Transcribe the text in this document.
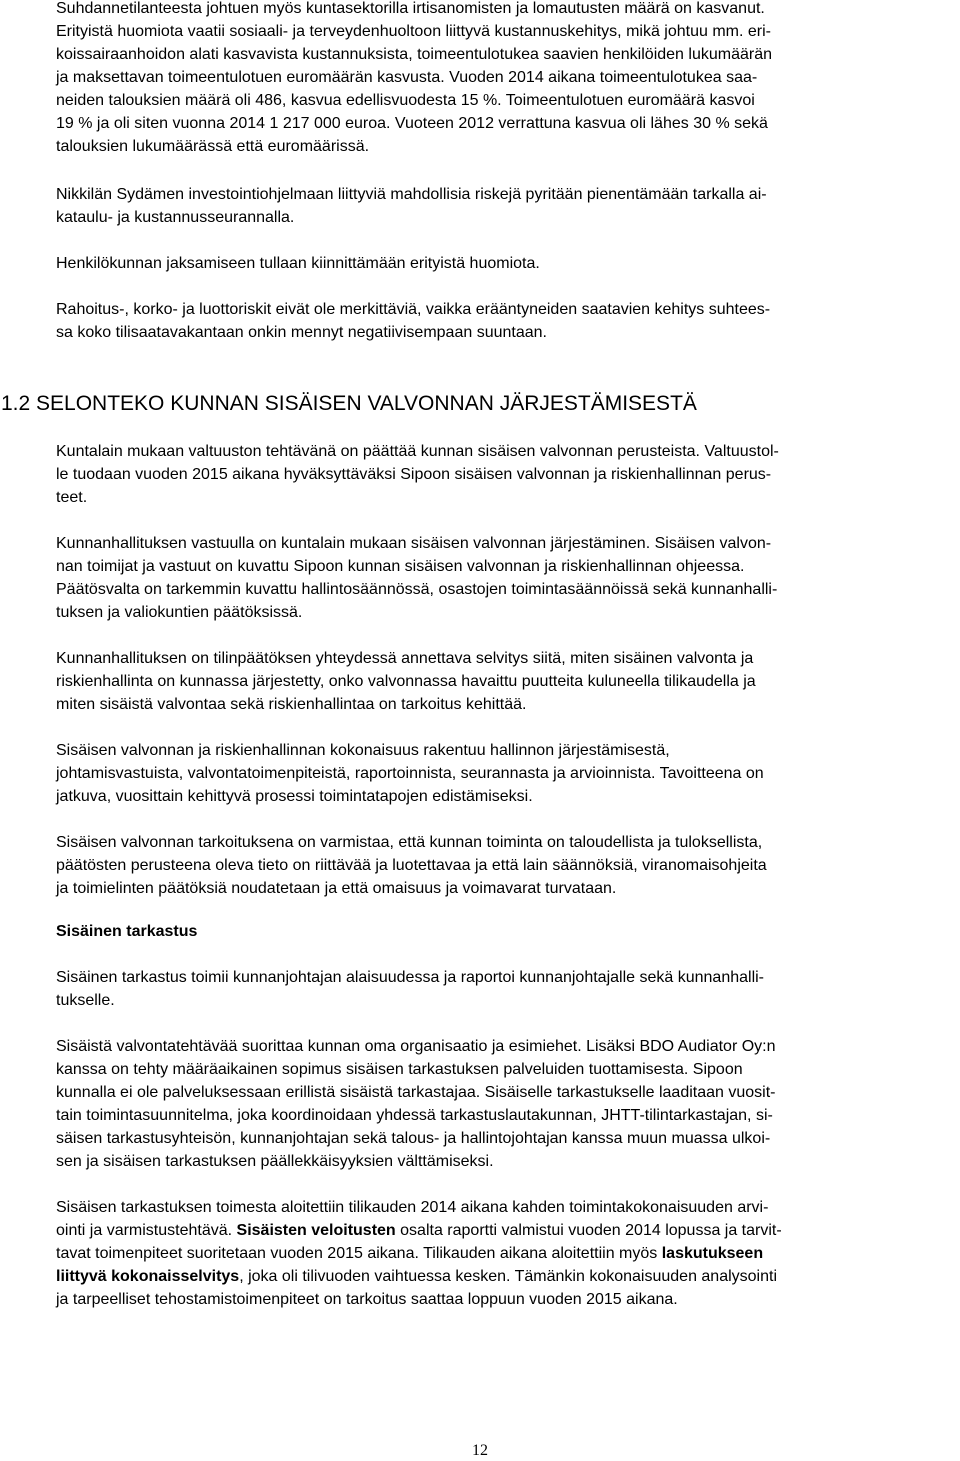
Suhdannetilanteesta johtuen myös kuntasektorilla irtisanomisten ja lomautusten määrä on kasvanut.
Erityistä huomiota vaatii sosiaali- ja terveydenhuoltoon liittyvä kustannuskehitys, mikä johtuu mm. eri-
koissairaanhoidon alati kasvavista kustannuksista, toimeentulotukea saavien henkilöiden lukumäärän
ja maksettavan toimeentulotuen euromäärän kasvusta. Vuoden 2014 aikana toimeentulotukea saa-
neiden talouksien määrä oli 486, kasvua edellisvuodesta 15 %. Toimeentulotuen euromäärä kasvoi
19 % ja oli siten vuonna 2014 1 217 000 euroa. Vuoteen 2012 verrattuna kasvua oli lähes 30 % sekä
talouksien lukumäärässä että euromäärissä.
Nikkilän Sydämen investointiohjelmaan liittyviä mahdollisia riskejä pyritään pienentämään tarkalla ai-
kataulu- ja kustannusseurannalla.
Henkilökunnan jaksamiseen tullaan kiinnittämään erityistä huomiota.
Rahoitus-, korko- ja luottoriskit eivät ole merkittäviä, vaikka erääntyneiden saatavien kehitys suhtees-
sa koko tilisaatavakantaan onkin mennyt negatiivisempaan suuntaan.
1.2 SELONTEKO KUNNAN SISÄISEN VALVONNAN JÄRJESTÄMISESTÄ
Kuntalain mukaan valtuuston tehtävänä on päättää kunnan sisäisen valvonnan perusteista. Valtuustol-
le tuodaan vuoden 2015 aikana hyväksyttäväksi Sipoon sisäisen valvonnan ja riskienhallinnan perus-
teet.
Kunnanhallituksen vastuulla on kuntalain mukaan sisäisen valvonnan järjestäminen. Sisäisen valvon-
nan toimijat ja vastuut on kuvattu Sipoon kunnan sisäisen valvonnan ja riskienhallinnan ohjeessa.
Päätösvalta on tarkemmin kuvattu hallintosäännössä, osastojen toimintasäännöissä sekä kunnanhalli-
tuksen ja valiokuntien päätöksissä.
Kunnanhallituksen on tilinpäätöksen yhteydessä annettava selvitys siitä, miten sisäinen valvonta ja
riskienhallinta on kunnassa järjestetty, onko valvonnassa havaittu puutteita kuluneella tilikaudella ja
miten sisäistä valvontaa sekä riskienhallintaa on tarkoitus kehittää.
Sisäisen valvonnan ja riskienhallinnan kokonaisuus rakentuu hallinnon järjestämisestä,
johtamisvastuista, valvontatoimenpiteistä, raportoinnista, seurannasta ja arvioinnista. Tavoitteena on
jatkuva, vuosittain kehittyvä prosessi toimintatapojen edistämiseksi.
Sisäisen valvonnan tarkoituksena on varmistaa, että kunnan toiminta on taloudellista ja tuloksellista,
päätösten perusteena oleva tieto on riittävää ja luotettavaa ja että lain säännöksiä, viranomaisohjeita
ja toimielinten päätöksiä noudatetaan ja että omaisuus ja voimavarat turvataan.
Sisäinen tarkastus
Sisäinen tarkastus toimii kunnanjohtajan alaisuudessa ja raportoi kunnanjohtajalle sekä kunnanhalli-
tukselle.
Sisäistä valvontatehtävää suorittaa kunnan oma organisaatio ja esimiehet. Lisäksi BDO Audiator Oy:n
kanssa on tehty määräaikainen sopimus sisäisen tarkastuksen palveluiden tuottamisesta. Sipoon
kunnalla ei ole palveluksessaan erillistä sisäistä tarkastajaa. Sisäiselle tarkastukselle laaditaan vuosit-
tain toimintasuunnitelma, joka koordinoidaan yhdessä tarkastuslautakunnan, JHTT-tilintarkastajan, si-
säisen tarkastusyhteisön, kunnanjohtajan sekä talous- ja hallintojohtajan kanssa muun muassa ulkoi-
sen ja sisäisen tarkastuksen päällekkäisyyksien välttämiseksi.
Sisäisen tarkastuksen toimesta aloitettiin tilikauden 2014 aikana kahden toimintakokonaisuuden arvi-
ointi ja varmistustehtävä. Sisäisten veloitusten osalta raportti valmistui vuoden 2014 lopussa ja tarvit-
tavat toimenpiteet suoritetaan vuoden 2015 aikana. Tilikauden aikana aloitettiin myös laskutukseen
liittyvä kokonaisselvitys, joka oli tilivuoden vaihtuessa kesken. Tämänkin kokonaisuuden analysointi
ja tarpeelliset tehostamistoimenpiteet on tarkoitus saattaa loppuun vuoden 2015 aikana.
12
